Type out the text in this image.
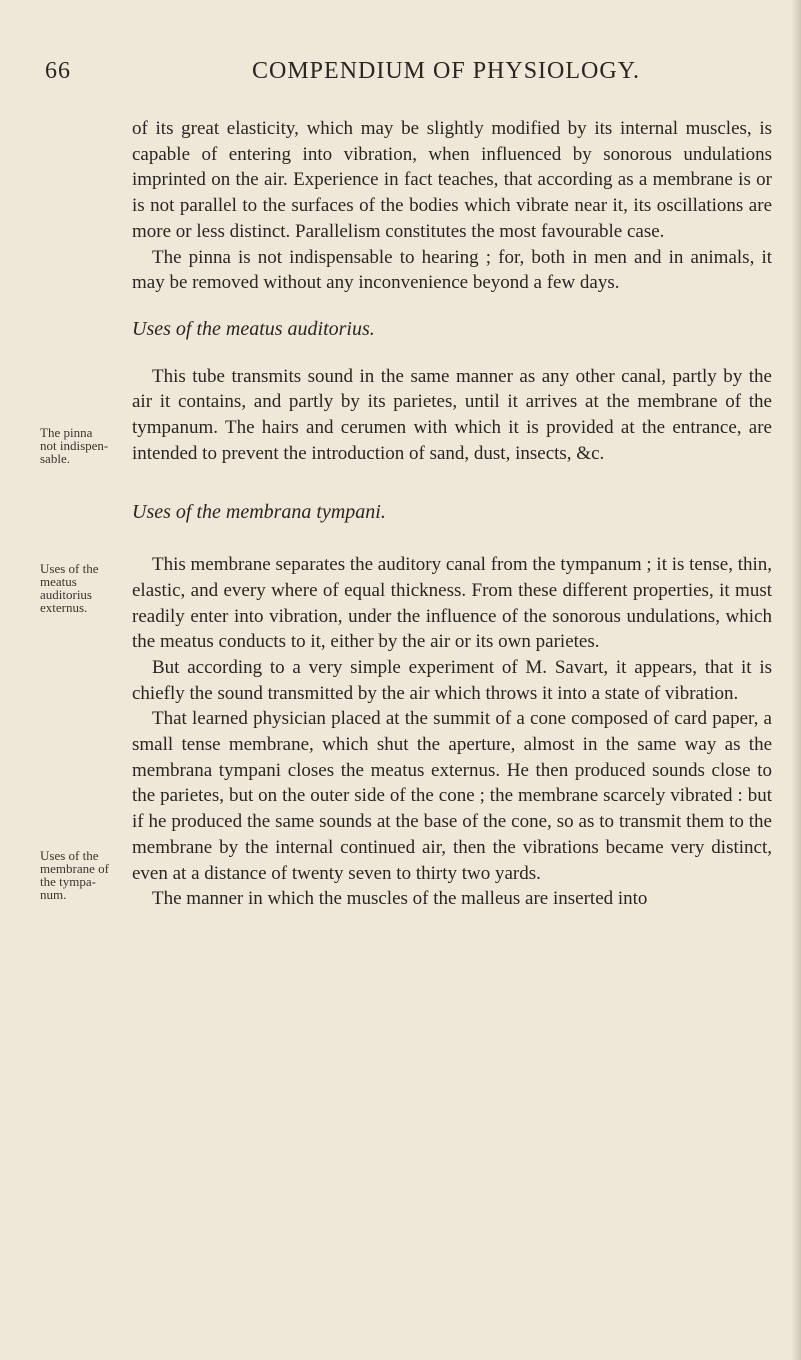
66	COMPENDIUM OF PHYSIOLOGY.
The pinna
not indispen-
sable.
Uses of the
meatus
auditorius
externus.
Uses of the
membrane of
the tympa-
num.

of its great elasticity, which may be slightly modified by its internal muscles, is capable of entering into vibration, when influenced by sonorous undulations imprinted on the air. Experience in fact teaches, that according as a membrane is or is not parallel to the surfaces of the bodies which vibrate near it, its oscillations are more or less distinct. Parallelism constitutes the most favourable case.

The pinna is not indispensable to hearing ; for, both in men and in animals, it may be removed without any inconvenience beyond a few days.

Uses of the meatus auditorius.

This tube transmits sound in the same manner as any other canal, partly by the air it contains, and partly by its parietes, until it arrives at the membrane of the tympanum. The hairs and cerumen with which it is provided at the entrance, are intended to prevent the introduction of sand, dust, insects, &c.

Uses of the membrana tympani.

This membrane separates the auditory canal from the tympanum ; it is tense, thin, elastic, and every where of equal thickness. From these different properties, it must readily enter into vibration, under the influence of the sonorous undulations, which the meatus conducts to it, either by the air or its own parietes.

But according to a very simple experiment of M. Savart, it appears, that it is chiefly the sound transmitted by the air which throws it into a state of vibration.

That learned physician placed at the summit of a cone composed of card paper, a small tense membrane, which shut the aperture, almost in the same way as the membrana tympani closes the meatus externus. He then produced sounds close to the parietes, but on the outer side of the cone ; the membrane scarcely vibrated : but if he produced the same sounds at the base of the cone, so as to transmit them to the membrane by the internal continued air, then the vibrations became very distinct, even at a distance of twenty seven to thirty two yards.

The manner in which the muscles of the malleus are inserted into
